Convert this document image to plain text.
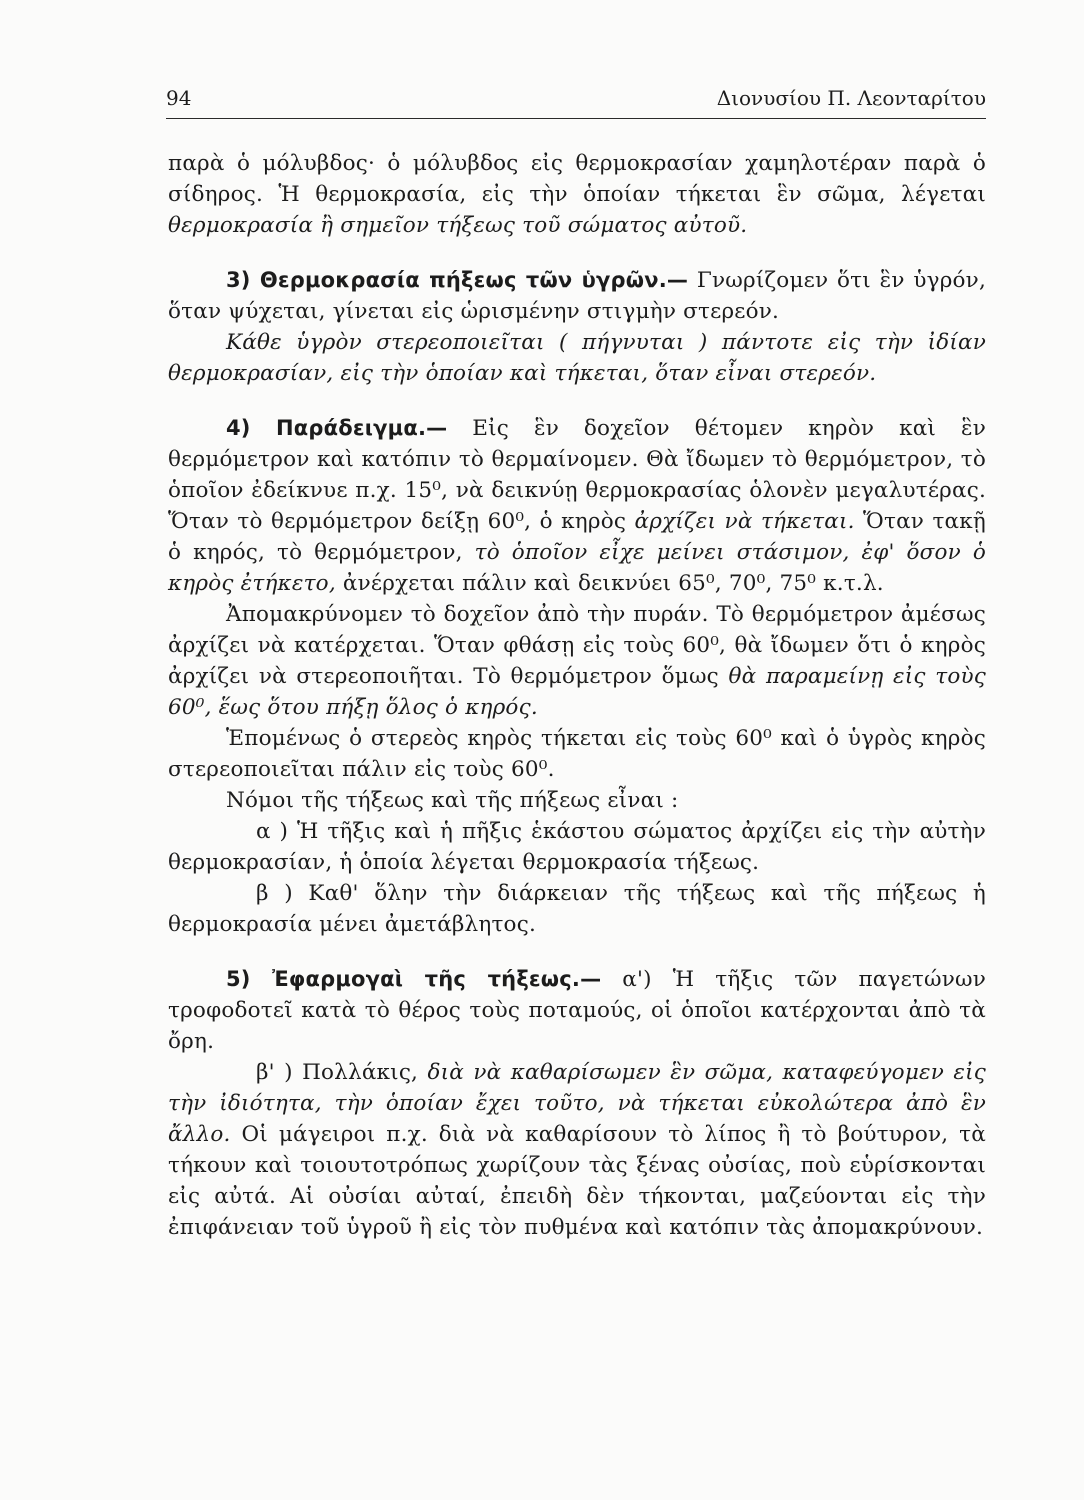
94	Διονυσίου Π. Λεονταρίτου

παρὰ ὁ μόλυβδος· ὁ μόλυβδος εἰς θερμοκρασίαν χαμηλοτέραν παρὰ ὁ σίδηρος. Ἡ θερμοκρασία, εἰς τὴν ὁποίαν τήκεται ἓν σῶμα, λέγεται θερμοκρασία ἢ σημεῖον τήξεως τοῦ σώματος αὐτοῦ.

3) Θερμοκρασία πήξεως τῶν ὑγρῶν.— Γνωρίζομεν ὅτι ἓν ὑγρόν, ὅταν ψύχεται, γίνεται εἰς ὡρισμένην στιγμὴν στερεόν.

Κάθε ὑγρὸν στερεοποιεῖται ( πήγνυται ) πάντοτε εἰς τὴν ἰδίαν θερμοκρασίαν, εἰς τὴν ὁποίαν καὶ τήκεται, ὅταν εἶναι στερεόν.

4) Παράδειγμα.— Εἰς ἓν δοχεῖον θέτομεν κηρὸν καὶ ἓν θερμόμετρον καὶ κατόπιν τὸ θερμαίνομεν. Θὰ ἴδωμεν τὸ θερμόμετρον, τὸ ὁποῖον ἐδείκνυε π.χ. 15⁰, νὰ δεικνύῃ θερμοκρασίας ὁλονὲν μεγαλυτέρας. Ὅταν τὸ θερμόμετρον δείξῃ 60⁰, ὁ κηρὸς ἀρχίζει νὰ τήκεται. Ὅταν τακῇ ὁ κηρός, τὸ θερμόμετρον, τὸ ὁποῖον εἶχε μείνει στάσιμον, ἐφ' ὅσον ὁ κηρὸς ἐτήκετο, ἀνέρχεται πάλιν καὶ δεικνύει 65⁰, 70⁰, 75⁰ κ.τ.λ.

Ἀπομακρύνομεν τὸ δοχεῖον ἀπὸ τὴν πυράν. Τὸ θερμόμετρον ἀμέσως ἀρχίζει νὰ κατέρχεται. Ὅταν φθάσῃ εἰς τοὺς 60⁰, θὰ ἴδωμεν ὅτι ὁ κηρὸς ἀρχίζει νὰ στερεοποιῆται. Τὸ θερμόμετρον ὅμως θὰ παραμείνῃ εἰς τοὺς 60⁰, ἕως ὅτου πήξῃ ὅλος ὁ κηρός.

Ἑπομένως ὁ στερεὸς κηρὸς τήκεται εἰς τοὺς 60⁰ καὶ ὁ ὑγρὸς κηρὸς στερεοποιεῖται πάλιν εἰς τοὺς 60⁰.

Νόμοι τῆς τήξεως καὶ τῆς πήξεως εἶναι :

α ) Ἡ τῆξις καὶ ἡ πῆξις ἑκάστου σώματος ἀρχίζει εἰς τὴν αὐτὴν θερμοκρασίαν, ἡ ὁποία λέγεται θερμοκρασία τήξεως.

β ) Καθ' ὅλην τὴν διάρκειαν τῆς τήξεως καὶ τῆς πήξεως ἡ θερμοκρασία μένει ἀμετάβλητος.

5) Ἐφαρμογαὶ τῆς τήξεως.— α') Ἡ τῆξις τῶν παγετώνων τροφοδοτεῖ κατὰ τὸ θέρος τοὺς ποταμούς, οἱ ὁποῖοι κατέρχονται ἀπὸ τὰ ὄρη.

β' ) Πολλάκις, διὰ νὰ καθαρίσωμεν ἓν σῶμα, καταφεύγομεν εἰς τὴν ἰδιότητα, τὴν ὁποίαν ἔχει τοῦτο, νὰ τήκεται εὐκολώτερα ἀπὸ ἓν ἄλλο. Οἱ μάγειροι π.χ. διὰ νὰ καθαρίσουν τὸ λίπος ἢ τὸ βούτυρον, τὰ τήκουν καὶ τοιουτοτρόπως χωρίζουν τὰς ξένας οὐσίας, ποὺ εὑρίσκονται εἰς αὐτά. Αἱ οὐσίαι αὐταί, ἐπειδὴ δὲν τήκονται, μαζεύονται εἰς τὴν ἐπιφάνειαν τοῦ ὑγροῦ ἢ εἰς τὸν πυθμένα καὶ κατόπιν τὰς ἀπομακρύνουν.
